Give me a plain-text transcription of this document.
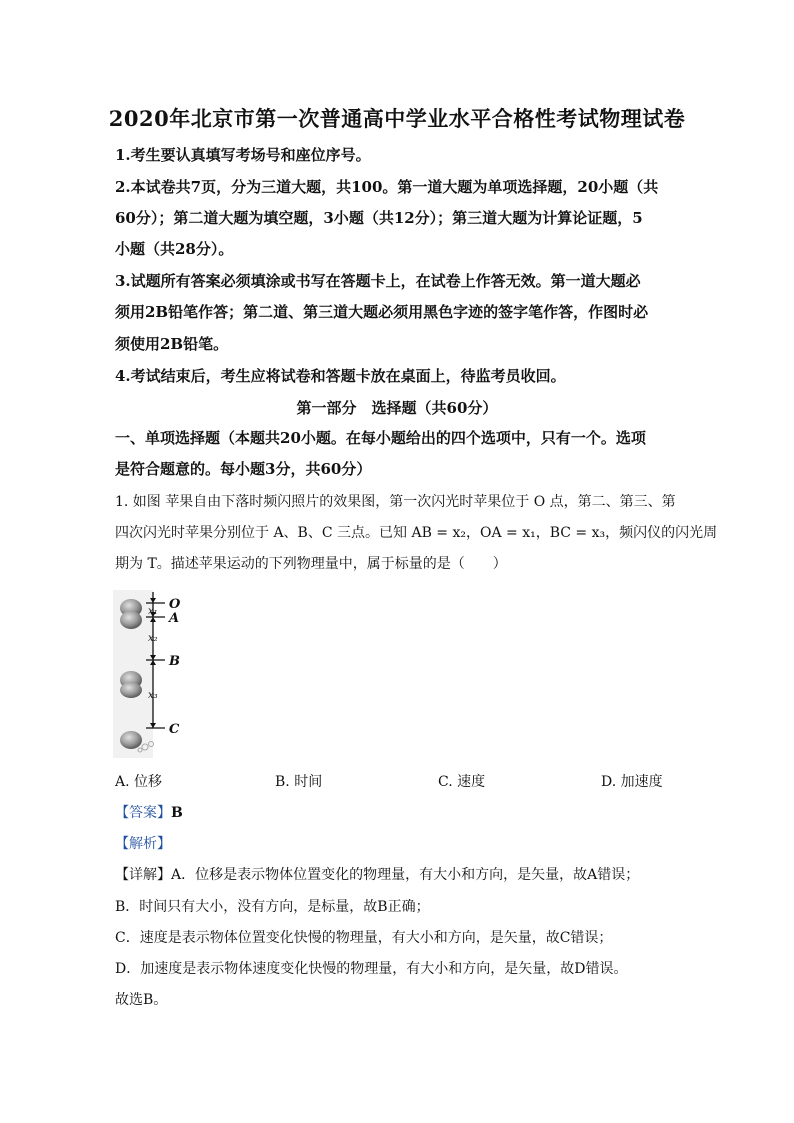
2020年北京市第一次普通高中学业水平合格性考试物理试卷
1.考生要认真填写考场号和座位序号。
2.本试卷共7页，分为三道大题，共100。第一道大题为单项选择题，20小题（共
60分）；第二道大题为填空题，3小题（共12分）；第三道大题为计算论证题，5
小题（共28分）。
3.试题所有答案必须填涂或书写在答题卡上，在试卷上作答无效。第一道大题必
须用2B铅笔作答；第二道、第三道大题必须用黑色字迹的签字笔作答，作图时必
须使用2B铅笔。
4.考试结束后，考生应将试卷和答题卡放在桌面上，待监考员收回。
第一部分　选择题（共60分）
一、单项选择题（本题共20小题。在每小题给出的四个选项中，只有一个。选项
是符合题意的。每小题3分，共60分）
1. 如图 苹果自由下落时频闪照片的效果图，第一次闪光时苹果位于 O 点，第二、第三、第
四次闪光时苹果分别位于 A、B、C 三点。已知 AB = x₂，OA = x₁，BC = x₃，频闪仪的闪光周
期为 T。描述苹果运动的下列物理量中，属于标量的是（　　）
O
A
B
C
x₁
x₂
x₃
A. 位移	B. 时间	C. 速度	D. 加速度
【答案】B
【解析】
【详解】A．位移是表示物体位置变化的物理量，有大小和方向，是矢量，故A错误；
B．时间只有大小，没有方向，是标量，故B正确；
C．速度是表示物体位置变化快慢的物理量，有大小和方向，是矢量，故C错误；
D．加速度是表示物体速度变化快慢的物理量，有大小和方向，是矢量，故D错误。
故选B。
